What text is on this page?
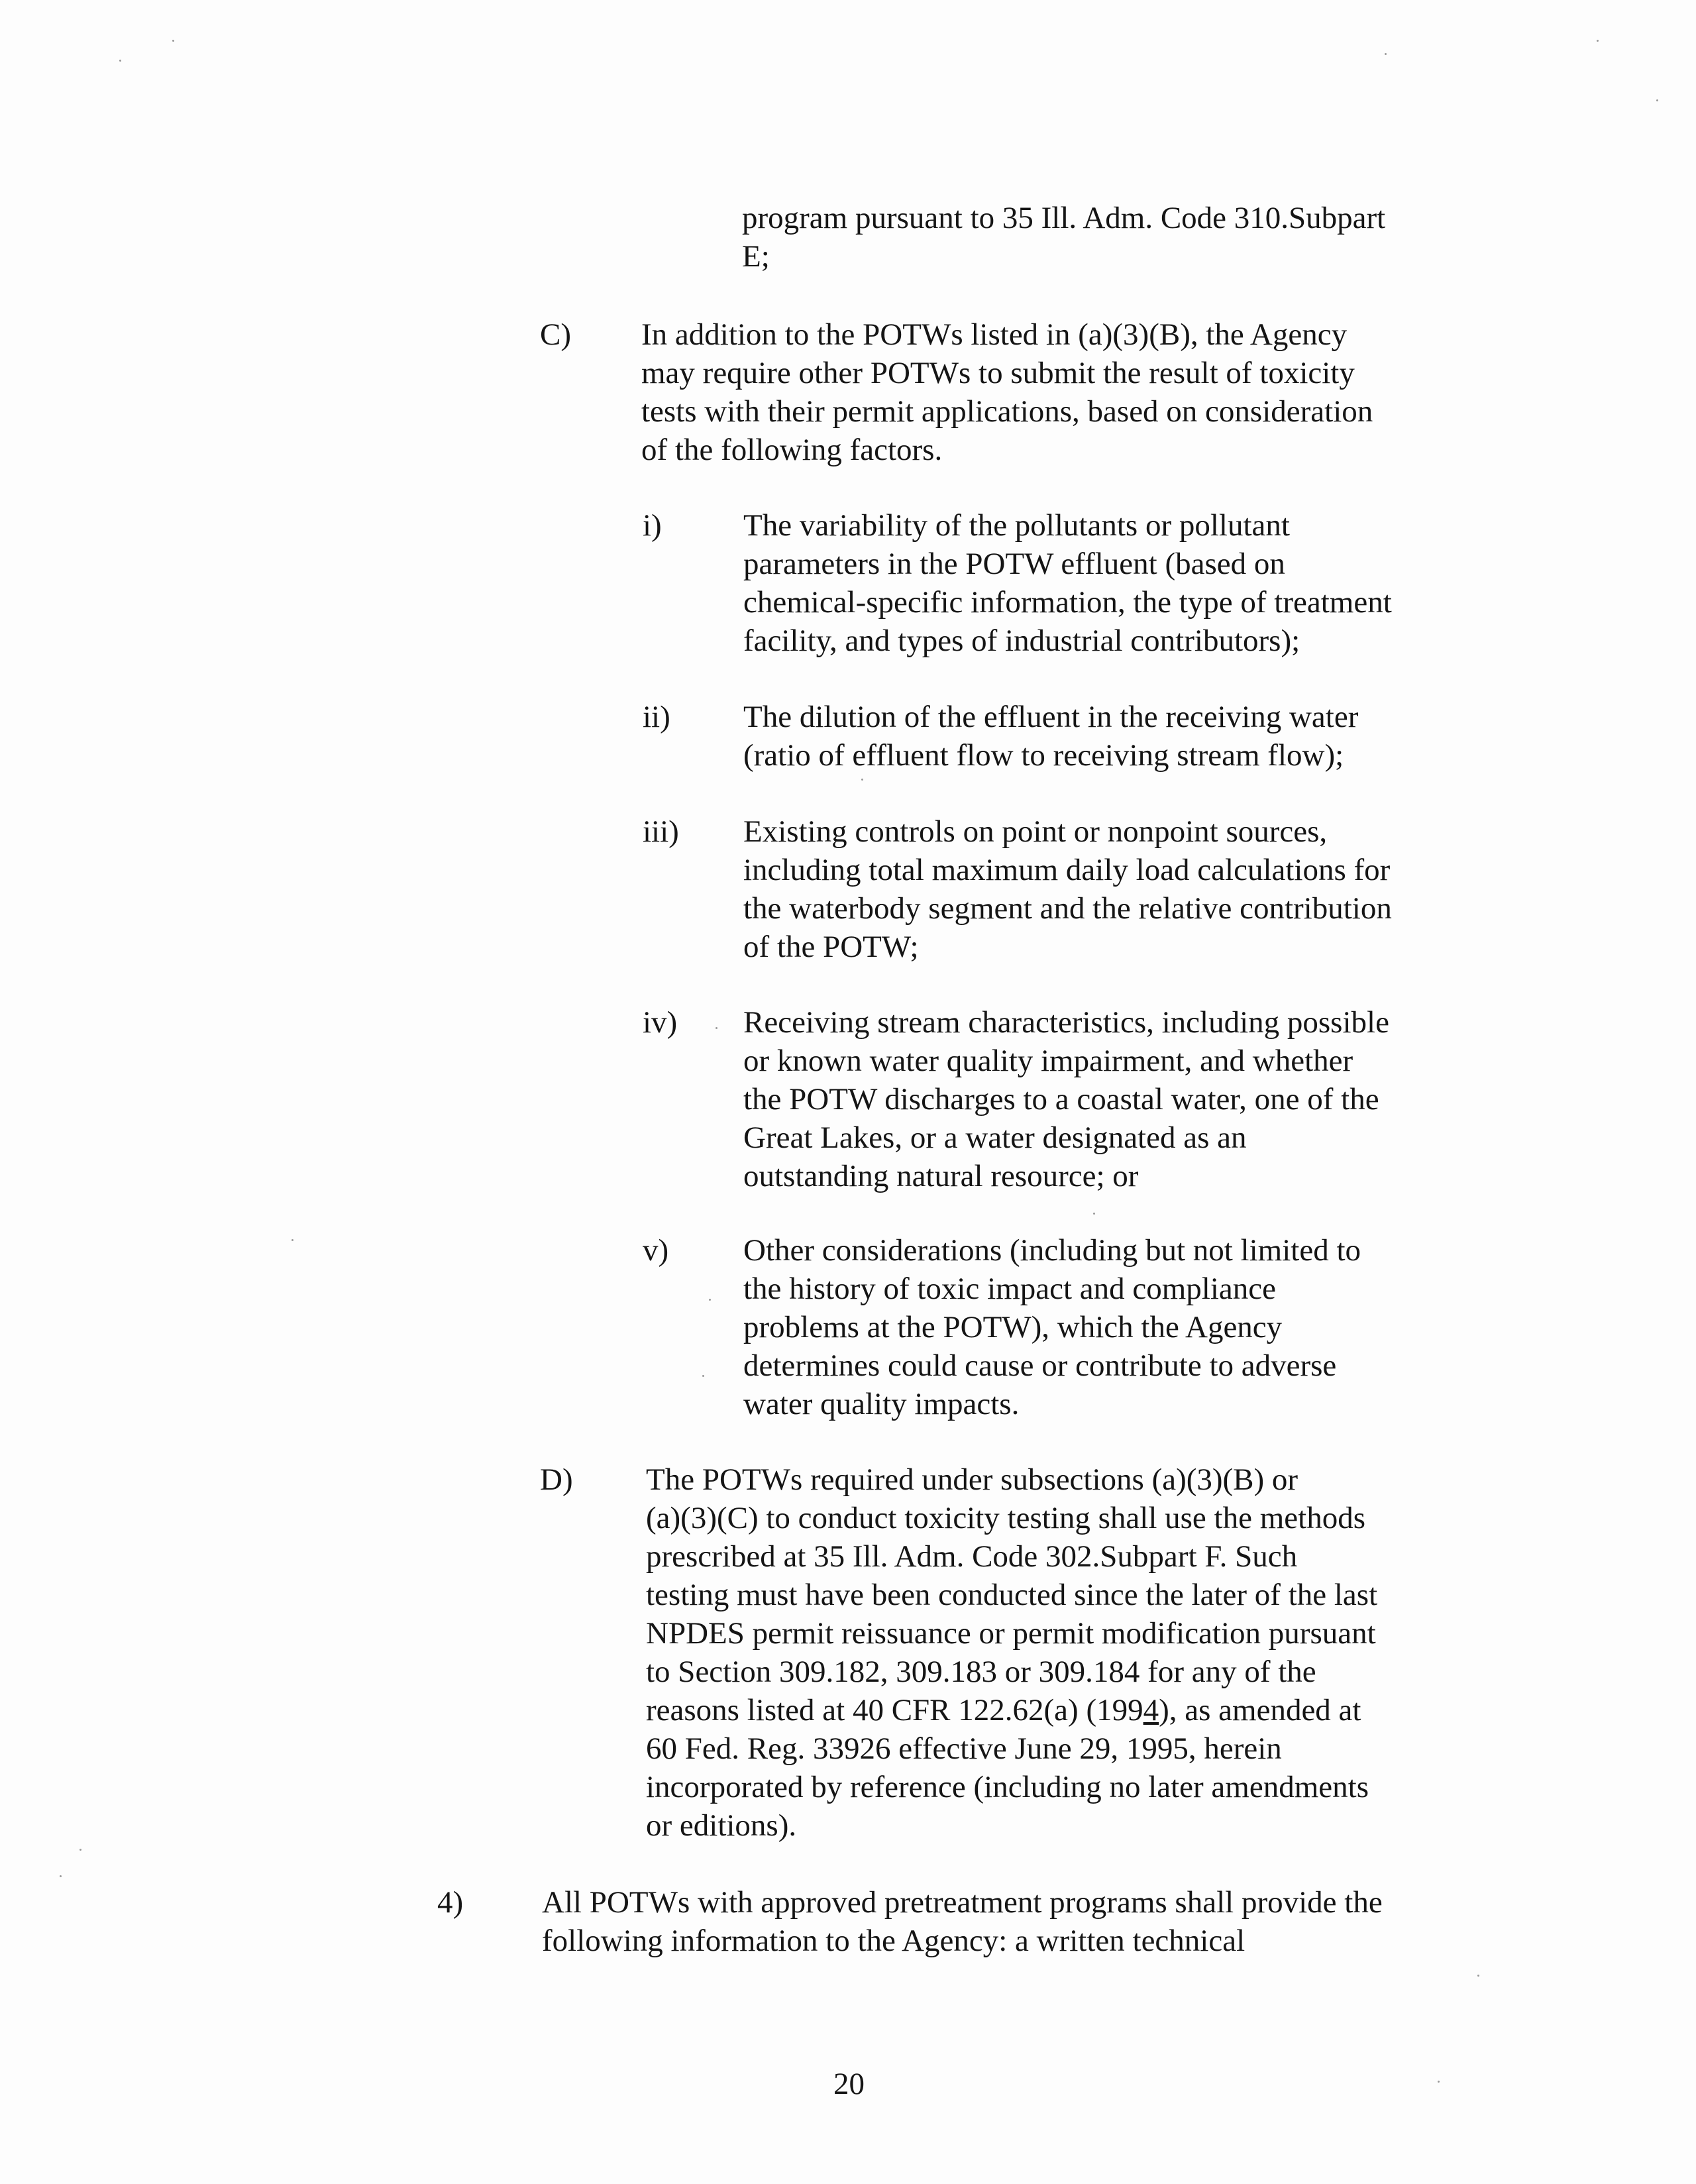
program pursuant to 35 Ill. Adm. Code 310.Subpart
E;
C) In addition to the POTWs listed in (a)(3)(B), the Agency
may require other POTWs to submit the result of toxicity
tests with their permit applications, based on consideration
of the following factors.
i)	The variability of the pollutants or pollutant
parameters in the POTW effluent (based on
chemical-specific information, the type of treatment
facility, and types of industrial contributors);
ii) The dilution of the effluent in the receiving water
(ratio of effluent flow to receiving stream flow);
iii) Existing controls on point or nonpoint sources,
including total maximum daily load calculations for
the waterbody segment and the relative contribution
of the POTW;
iv) Receiving stream characteristics, including possible
or known water quality impairment, and whether
the POTW discharges to a coastal water, one of the
Great Lakes, or a water designated as an
outstanding natural resource; or
v) Other considerations (including but not limited to
the history of toxic impact and compliance
problems at the POTW), which the Agency
determines could cause or contribute to adverse
water quality impacts.
D) The POTWs required under subsections (a)(3)(B) or
(a)(3)(C) to conduct toxicity testing shall use the methods
prescribed at 35 Ill. Adm. Code 302.Subpart F. Such
testing must have been conducted since the later of the last
NPDES permit reissuance or permit modification pursuant
to Section 309.182, 309.183 or 309.184 for any of the
reasons listed at 40 CFR 122.62(a) (1994), as amended at
60 Fed. Reg. 33926 effective June 29, 1995, herein
incorporated by reference (including no later amendments
or editions).
4)	All POTWs with approved pretreatment programs shall provide the
following information to the Agency: a written technical
20
